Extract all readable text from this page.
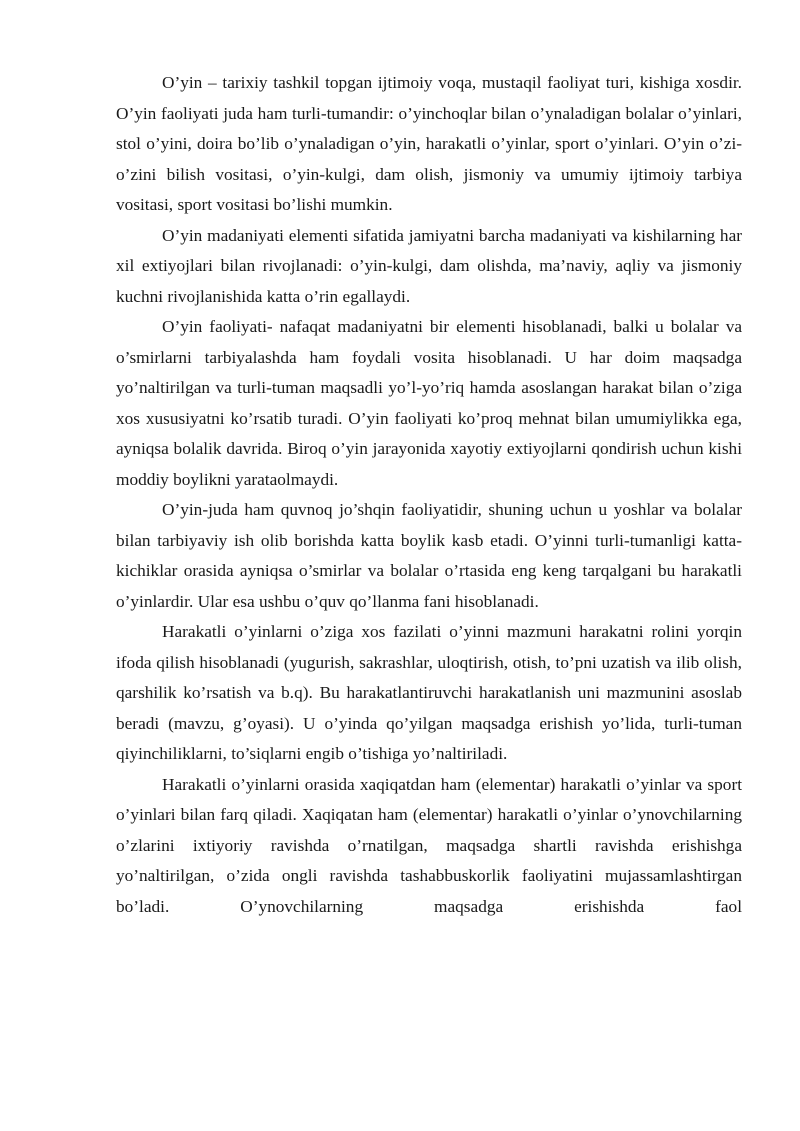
O’yin – tarixiy tashkil topgan ijtimoiy voqa, mustaqil faoliyat turi, kishiga xosdir. O’yin faoliyati juda ham turli-tumandir: o’yinchoqlar bilan o’ynaladigan bolalar o’yinlari, stol o’yini, doira bo’lib o’ynaladigan o’yin, harakatli o’yinlar, sport o’yinlari. O’yin o’zi-o’zini bilish vositasi, o’yin-kulgi, dam olish, jismoniy va umumiy ijtimoiy tarbiya vositasi, sport vositasi bo’lishi mumkin.

O’yin madaniyati elementi sifatida jamiyatni barcha madaniyati va kishilarning har xil extiyojlari bilan rivojlanadi: o’yin-kulgi, dam olishda, ma’naviy, aqliy va jismoniy kuchni rivojlanishida katta o’rin egallaydi.

O’yin faoliyati- nafaqat madaniyatni bir elementi hisoblanadi, balki u bolalar va o’smirlarni tarbiyalashda ham foydali vosita hisoblanadi. U har doim maqsadga yo’naltirilgan va turli-tuman maqsadli yo’l-yo’riq hamda asoslangan harakat bilan o’ziga xos xususiyatni ko’rsatib turadi. O’yin faoliyati ko’proq mehnat bilan umumiylikka ega, ayniqsa bolalik davrida. Biroq o’yin jarayonida xayotiy extiyojlarni qondirish uchun kishi moddiy boylikni yarataolmaydi.

O’yin-juda ham quvnoq jo’shqin faoliyatidir, shuning uchun u yoshlar va bolalar bilan tarbiyaviy ish olib borishda katta boylik kasb etadi. O’yinni turli-tumanligi katta-kichiklar orasida ayniqsa o’smirlar va bolalar o’rtasida eng keng tarqalgani bu harakatli o’yinlardir. Ular esa ushbu o’quv qo’llanma fani hisoblanadi.

Harakatli o’yinlarni o’ziga xos fazilati o’yinni mazmuni harakatni rolini yorqin ifoda qilish hisoblanadi (yugurish, sakrashlar, uloqtirish, otish, to’pni uzatish va ilib olish, qarshilik ko’rsatish va b.q). Bu harakatlantiruvchi harakatlanish uni mazmunini asoslab beradi (mavzu, g’oyasi). U o’yinda qo’yilgan maqsadga erishish yo’lida, turli-tuman qiyinchiliklarni, to’siqlarni engib o’tishiga yo’naltiriladi.

Harakatli o’yinlarni orasida xaqiqatdan ham (elementar) harakatli o’yinlar va sport o’yinlari bilan farq qiladi. Xaqiqatan ham (elementar) harakatli o’yinlar o’ynovchilarning o’zlarini ixtiyoriy ravishda o’rnatilgan, maqsadga shartli ravishda erishishga yo’naltirilgan, o’zida ongli ravishda tashabbuskorlik faoliyatini mujassamlashtirgan bo’ladi. O’ynovchilarning maqsadga erishishda faol
